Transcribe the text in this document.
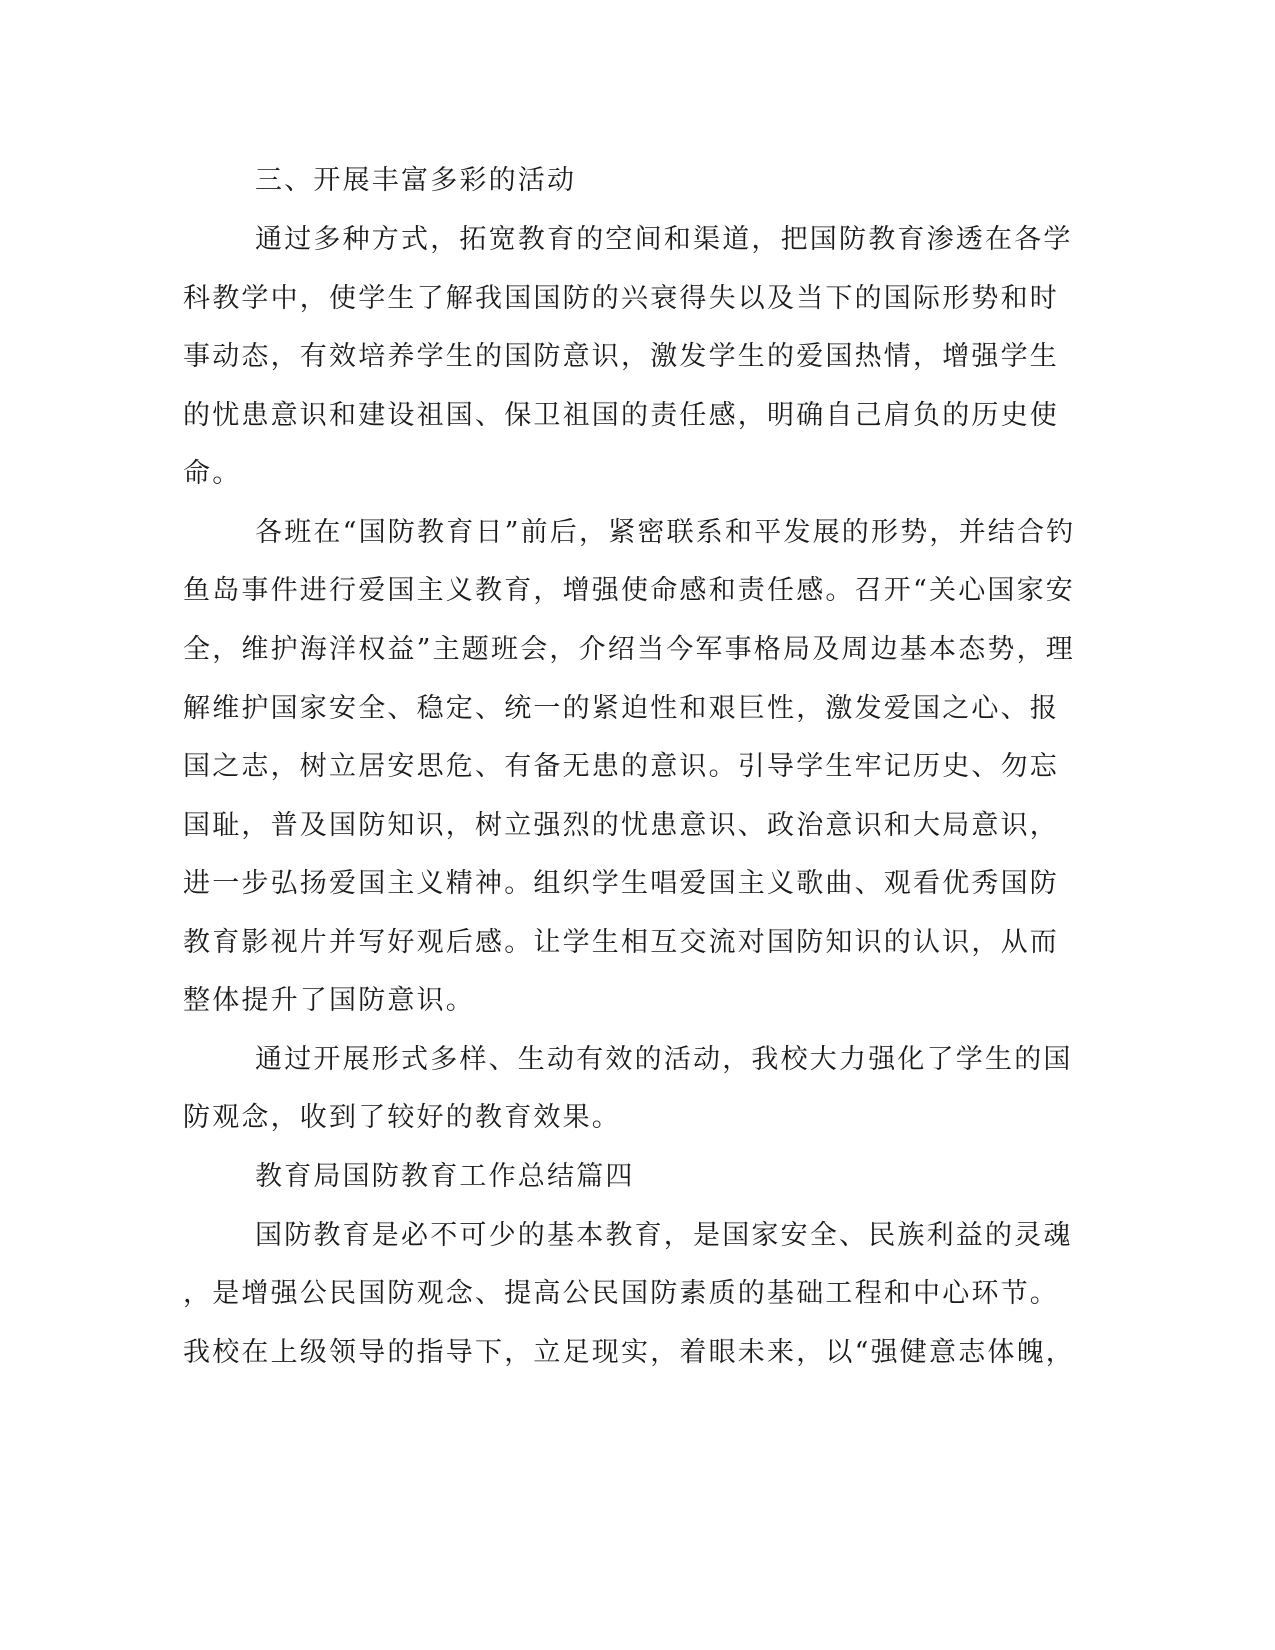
三、开展丰富多彩的活动
通过多种方式，拓宽教育的空间和渠道，把国防教育渗透在各学
科教学中，使学生了解我国国防的兴衰得失以及当下的国际形势和时
事动态，有效培养学生的国防意识，激发学生的爱国热情，增强学生
的忧患意识和建设祖国、保卫祖国的责任感，明确自己肩负的历史使
命。
各班在“国防教育日”前后，紧密联系和平发展的形势，并结合钓
鱼岛事件进行爱国主义教育，增强使命感和责任感。召开“关心国家安
全，维护海洋权益”主题班会，介绍当今军事格局及周边基本态势，理
解维护国家安全、稳定、统一的紧迫性和艰巨性，激发爱国之心、报
国之志，树立居安思危、有备无患的意识。引导学生牢记历史、勿忘
国耻，普及国防知识，树立强烈的忧患意识、政治意识和大局意识，
进一步弘扬爱国主义精神。组织学生唱爱国主义歌曲、观看优秀国防
教育影视片并写好观后感。让学生相互交流对国防知识的认识，从而
整体提升了国防意识。
通过开展形式多样、生动有效的活动，我校大力强化了学生的国
防观念，收到了较好的教育效果。
教育局国防教育工作总结篇四
国防教育是必不可少的基本教育，是国家安全、民族利益的灵魂
，是增强公民国防观念、提高公民国防素质的基础工程和中心环节。
我校在上级领导的指导下，立足现实，着眼未来，以“强健意志体魄，
